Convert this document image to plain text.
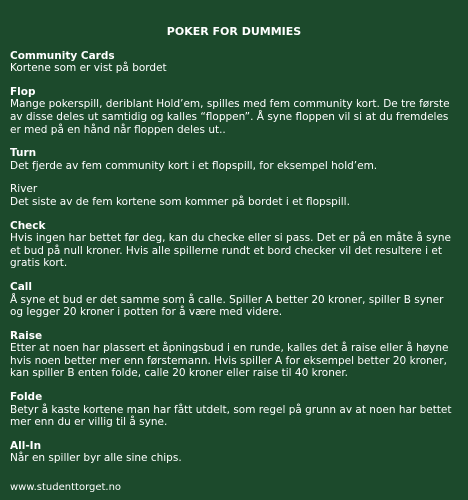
POKER FOR DUMMIES
Community Cards
Kortene som er vist på bordet
Flop
Mange pokerspill, deriblant Hold’em, spilles med fem community kort. De tre første av disse deles ut samtidig og kalles “floppen”. Å syne floppen vil si at du fremdeles er med på en hånd når floppen deles ut..
Turn
Det fjerde av fem community kort i et flopspill, for eksempel hold’em.
River
Det siste av de fem kortene som kommer på bordet i et flopspill.
Check
Hvis ingen har bettet før deg, kan du checke eller si pass. Det er på en måte å syne et bud på null kroner. Hvis alle spillerne rundt et bord checker vil det resultere i et gratis kort.
Call
Å syne et bud er det samme som å calle. Spiller A better 20 kroner, spiller B syner og legger 20 kroner i potten for å være med videre.
Raise
Etter at noen har plassert et åpningsbud i en runde, kalles det å raise eller å høyne hvis noen better mer enn førstemann. Hvis spiller A for eksempel better 20 kroner, kan spiller B enten folde, calle 20 kroner eller raise til 40 kroner.
Folde
Betyr å kaste kortene man har fått utdelt, som regel på grunn av at noen har bettet mer enn du er villig til å syne.
All-In
Når en spiller byr alle sine chips.
www.studenttorget.no
